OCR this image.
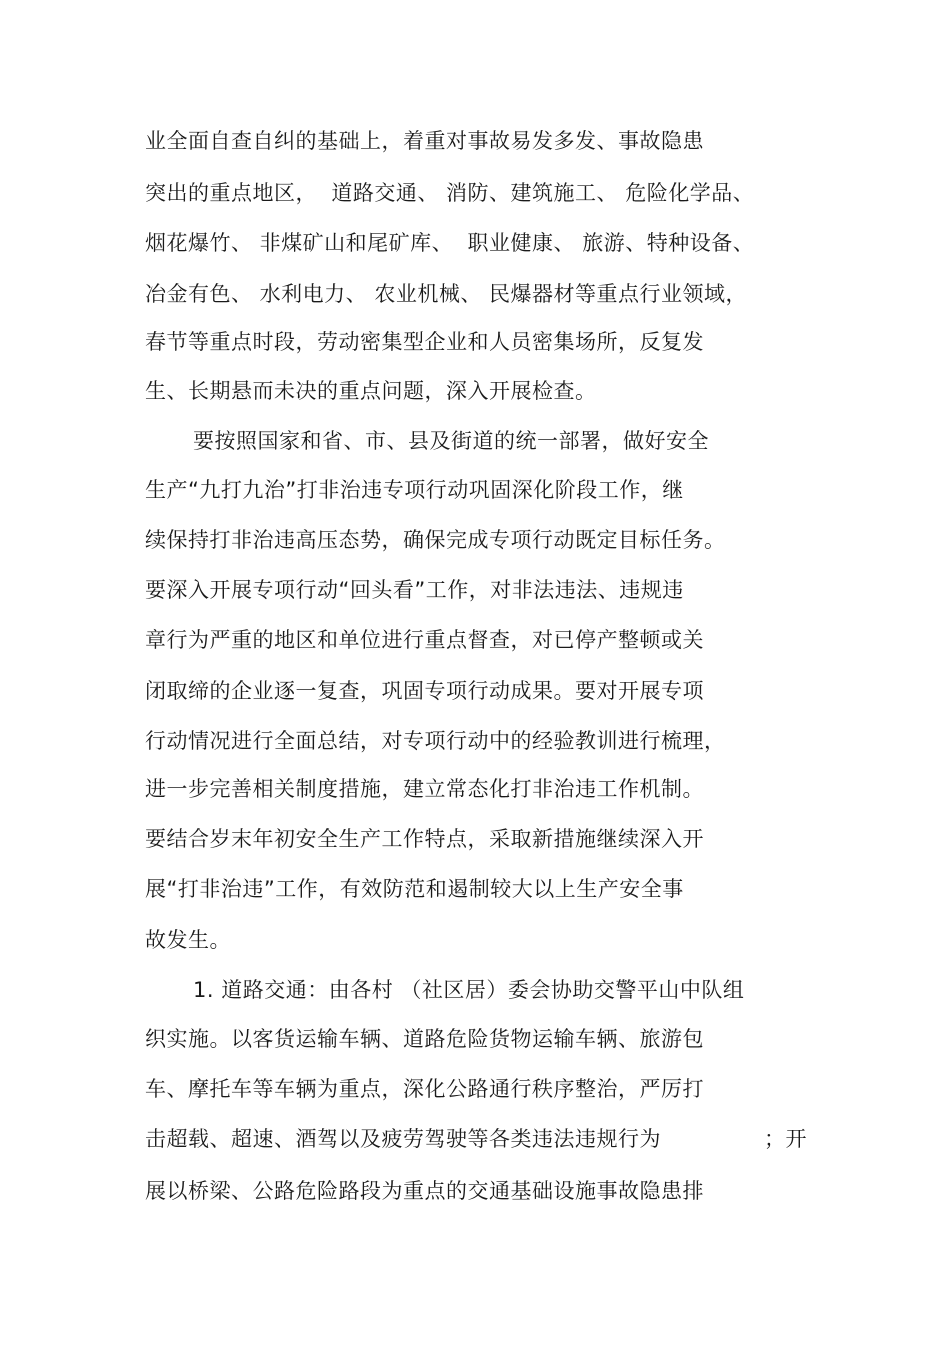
业全面自查自纠的基础上，着重对事故易发多发、事故隐患
突出的重点地区，  道路交通、 消防、建筑施工、 危险化学品、
烟花爆竹、 非煤矿山和尾矿库、  职业健康、 旅游、特种设备、
冶金有色、 水利电力、 农业机械、 民爆器材等重点行业领域，
春节等重点时段，劳动密集型企业和人员密集场所，反复发
生、长期悬而未决的重点问题，深入开展检查。
要按照国家和省、市、县及街道的统一部署，做好安全
生产“九打九治”打非治违专项行动巩固深化阶段工作，继
续保持打非治违高压态势，确保完成专项行动既定目标任务。
要深入开展专项行动“回头看”工作，对非法违法、违规违
章行为严重的地区和单位进行重点督查，对已停产整顿或关
闭取缔的企业逐一复查，巩固专项行动成果。要对开展专项
行动情况进行全面总结，对专项行动中的经验教训进行梳理，
进一步完善相关制度措施，建立常态化打非治违工作机制。
要结合岁末年初安全生产工作特点，采取新措施继续深入开
展“打非治违”工作，有效防范和遏制较大以上生产安全事
故发生。
1. 道路交通：由各村 （社区居）委会协助交警平山中队组
织实施。以客货运输车辆、道路危险货物运输车辆、旅游包
车、摩托车等车辆为重点，深化公路通行秩序整治，严厉打
击超载、超速、酒驾以及疲劳驾驶等各类违法违规行为	；开
展以桥梁、公路危险路段为重点的交通基础设施事故隐患排
